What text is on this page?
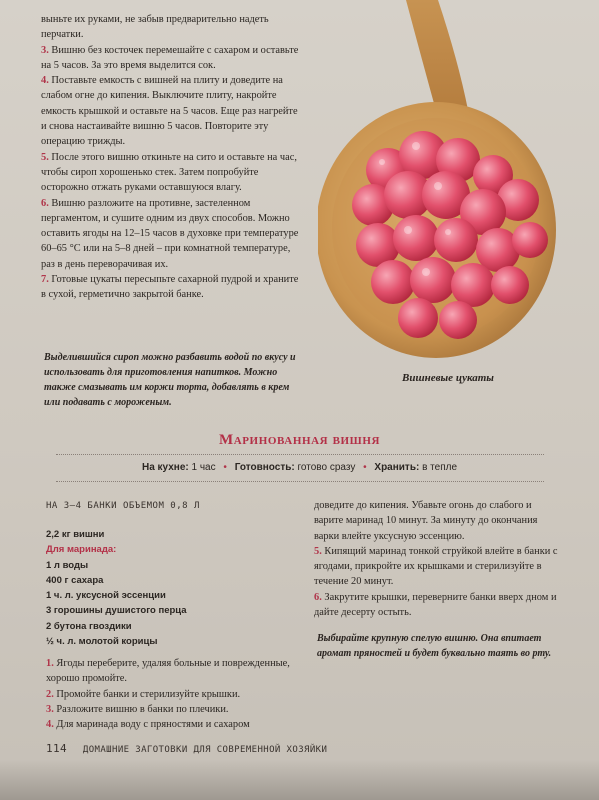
выньте их руками, не забыв предварительно надеть перчатки.

3. Вишню без косточек перемешайте с сахаром и оставьте на 5 часов. За это время выделится сок.

4. Поставьте емкость с вишней на плиту и доведите на слабом огне до кипения. Выключите плиту, накройте емкость крышкой и оставьте на 5 часов. Еще раз нагрейте и снова настаивайте вишню 5 часов. Повторите эту операцию трижды.

5. После этого вишню откиньте на сито и оставьте на час, чтобы сироп хорошенько стек. Затем попробуйте осторожно отжать руками оставшуюся влагу.

6. Вишню разложите на противне, застеленном пергаментом, и сушите одним из двух способов. Можно оставить ягоды на 12–15 часов в духовке при температуре 60–65 °С или на 5–8 дней – при комнатной температуре, раз в день переворачивая их.

7. Готовые цукаты пересыпьте сахарной пудрой и храните в сухой, герметично закрытой банке.

Выделившийся сироп можно разбавить водой по вкусу и использовать для приготовления напитков. Можно также смазывать им коржи торта, добавлять в крем или подавать с мороженым.
Вишневые цукаты
Маринованная вишня
На кухне: 1 час • Готовность: готово сразу • Хранить: в тепле
НА 3–4 БАНКИ ОБЪЕМОМ 0,8 Л
2,2 кг вишни
Для маринада:
1 л воды
400 г сахара
1 ч. л. уксусной эссенции
3 горошины душистого перца
2 бутона гвоздики
½ ч. л. молотой корицы

1. Ягоды переберите, удаляя больные и поврежденные, хорошо промойте.

2. Промойте банки и стерилизуйте крышки.

3. Разложите вишню в банки по плечики.

4. Для маринада воду с пряностями и сахаром

доведите до кипения. Убавьте огонь до слабого и варите маринад 10 минут. За минуту до окончания варки влейте уксусную эссенцию.

5. Кипящий маринад тонкой струйкой влейте в банки с ягодами, прикройте их крышками и стерилизуйте в течение 20 минут.

6. Закрутите крышки, переверните банки вверх дном и дайте десерту остыть.

Выбирайте крупную спелую вишню. Она впитает аромат пряностей и будет буквально таять во рту.
114 ДОМАШНИЕ ЗАГОТОВКИ ДЛЯ СОВРЕМЕННОЙ ХОЗЯЙКИ
